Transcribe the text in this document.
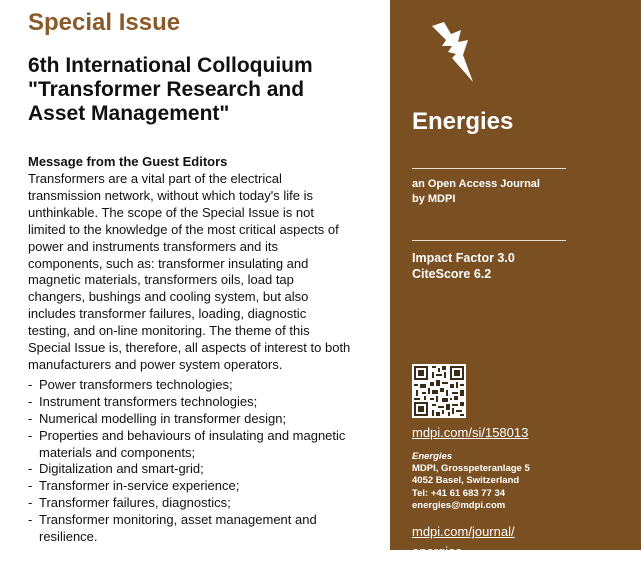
Special Issue
6th International Colloquium
"Transformer Research and
Asset Management"
Message from the Guest Editors
Transformers are a vital part of the electrical
transmission network, without which today's life is
unthinkable. The scope of the Special Issue is not
limited to the knowledge of the most critical aspects of
power and instruments transformers and its
components, such as: transformer insulating and
magnetic materials, transformers oils, load tap
changers, bushings and cooling system, but also
includes transformer failures, loading, diagnostic
testing, and on-line monitoring. The theme of this
Special Issue is, therefore, all aspects of interest to both
manufacturers and power system operators.
- Power transformers technologies;
- Instrument transformers technologies;
- Numerical modelling in transformer design;
- Properties and behaviours of insulating and magnetic materials and components;
- Digitalization and smart-grid;
- Transformer in-service experience;
- Transformer failures, diagnostics;
- Transformer monitoring, asset management and resilience.
Energies
an Open Access Journal
by MDPI
Impact Factor 3.0
CiteScore 6.2
mdpi.com/si/158013
Energies
MDPI, Grosspeteranlage 5
4052 Basel, Switzerland
Tel: +41 61 683 77 34
energies@mdpi.com
mdpi.com/journal/
energies
